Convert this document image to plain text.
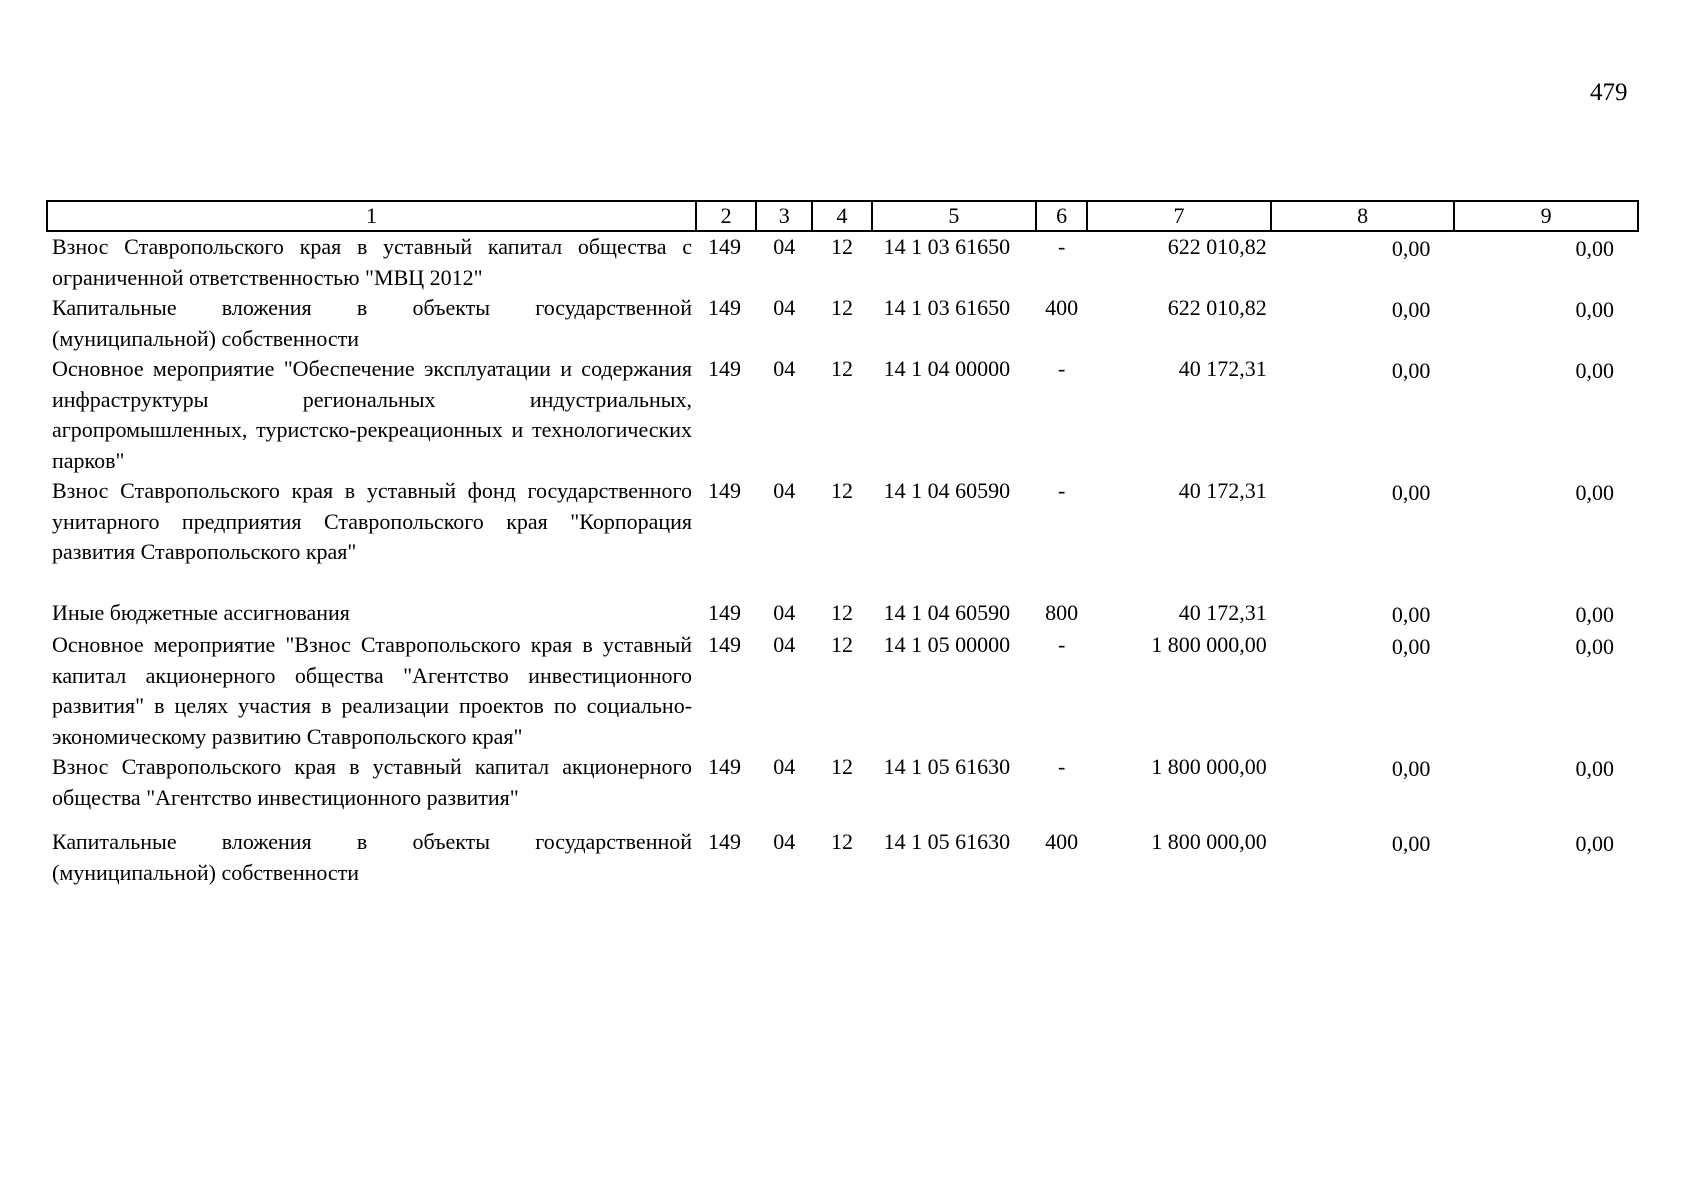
479
1	2	3	4	5	6	7	8	9
Взнос Ставропольского края в уставный капитал общества с ограниченной ответственностью "МВЦ 2012"	149	04	12	14 1 03 61650	-	622 010,82	0,00	0,00
Капитальные вложения в объекты государственной (муниципальной) собственности	149	04	12	14 1 03 61650	400	622 010,82	0,00	0,00
Основное мероприятие "Обеспечение эксплуатации и содержания инфраструктуры региональных индустриальных, агропромышленных, туристско-рекреационных и технологических парков"	149	04	12	14 1 04 00000	-	40 172,31	0,00	0,00
Взнос Ставропольского края в уставный фонд государственного унитарного предприятия Ставропольского края "Корпорация развития Ставропольского края"	149	04	12	14 1 04 60590	-	40 172,31	0,00	0,00
Иные бюджетные ассигнования	149	04	12	14 1 04 60590	800	40 172,31	0,00	0,00
Основное мероприятие "Взнос Ставропольского края в уставный капитал акционерного общества "Агентство инвестиционного развития" в целях участия в реализации проектов по социально-экономическому развитию Ставропольского края"	149	04	12	14 1 05 00000	-	1 800 000,00	0,00	0,00
Взнос Ставропольского края в уставный капитал акционерного общества "Агентство инвестиционного развития"	149	04	12	14 1 05 61630	-	1 800 000,00	0,00	0,00
Капитальные вложения в объекты государственной (муниципальной) собственности	149	04	12	14 1 05 61630	400	1 800 000,00	0,00	0,00
